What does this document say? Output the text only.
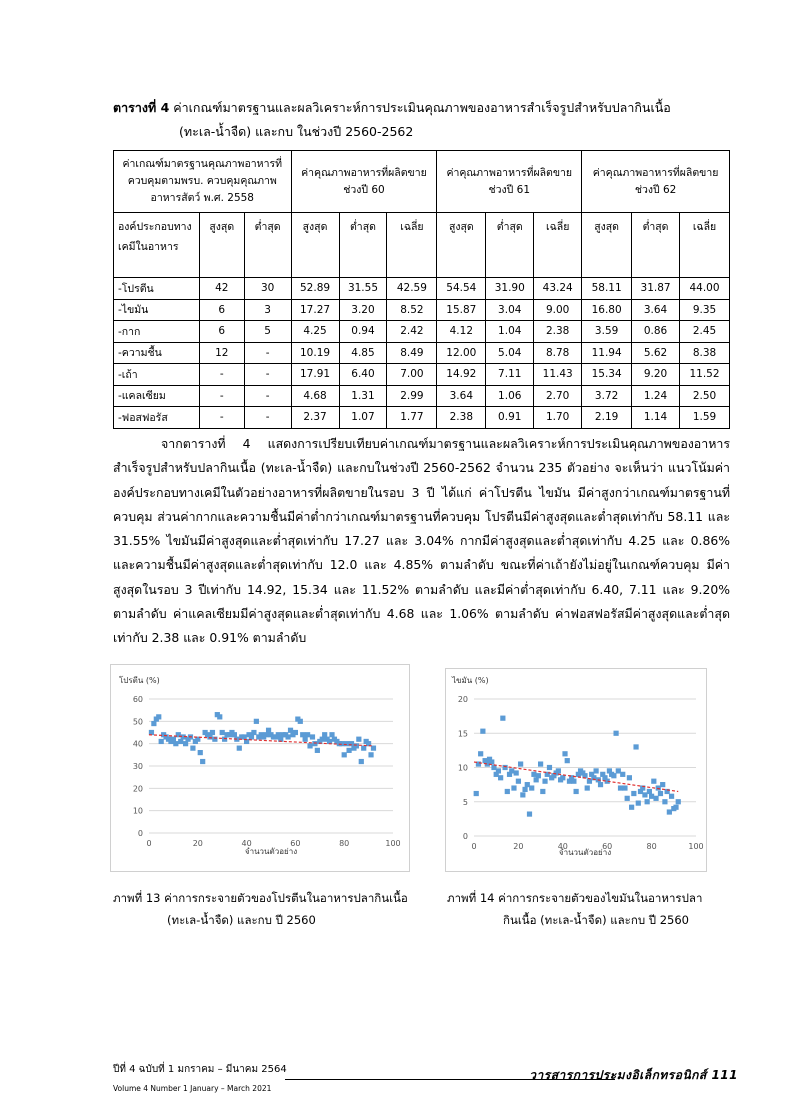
ตารางที่ 4 ค่าเกณฑ์มาตรฐานและผลวิเคราะห์การประเมินคุณภาพของอาหารสำเร็จรูปสำหรับปลากินเนื้อ
(ทะเล-น้ำจืด) และกบ ในช่วงปี 2560-2562
ค่าเกณฑ์มาตรฐานคุณภาพอาหารที่ควบคุมตามพรบ. ควบคุมคุณภาพอาหารสัตว์ พ.ศ. 2558			ค่าคุณภาพอาหารที่ผลิตขายช่วงปี 60			ค่าคุณภาพอาหารที่ผลิตขายช่วงปี 61			ค่าคุณภาพอาหารที่ผลิตขายช่วงปี 62		
องค์ประกอบทางเคมีในอาหาร	สูงสุด	ต่ำสุด	สูงสุด	ต่ำสุด	เฉลี่ย	สูงสุด	ต่ำสุด	เฉลี่ย	สูงสุด	ต่ำสุด	เฉลี่ย
-โปรตีน	42	30	52.89	31.55	42.59	54.54	31.90	43.24	58.11	31.87	44.00
-ไขมัน	6	3	17.27	3.20	8.52	15.87	3.04	9.00	16.80	3.64	9.35
-กาก	6	5	4.25	0.94	2.42	4.12	1.04	2.38	3.59	0.86	2.45
-ความชื้น	12	-	10.19	4.85	8.49	12.00	5.04	8.78	11.94	5.62	8.38
-เถ้า	-	-	17.91	6.40	7.00	14.92	7.11	11.43	15.34	9.20	11.52
-แคลเซียม	-	-	4.68	1.31	2.99	3.64	1.06	2.70	3.72	1.24	2.50
-ฟอสฟอรัส	-	-	2.37	1.07	1.77	2.38	0.91	1.70	2.19	1.14	1.59

จากตารางที่ 4 แสดงการเปรียบเทียบค่าเกณฑ์มาตรฐานและผลวิเคราะห์การประเมินคุณภาพของอาหารสำเร็จรูปสำหรับปลากินเนื้อ (ทะเล-น้ำจืด) และกบในช่วงปี 2560-2562 จำนวน 235 ตัวอย่าง จะเห็นว่า แนวโน้มค่าองค์ประกอบทางเคมีในตัวอย่างอาหารที่ผลิตขายในรอบ 3 ปี ได้แก่ ค่าโปรตีน ไขมัน มีค่าสูงกว่าเกณฑ์มาตรฐานที่ควบคุม ส่วนค่ากากและความชื้นมีค่าต่ำกว่าเกณฑ์มาตรฐานที่ควบคุม โปรตีนมีค่าสูงสุดและต่ำสุดเท่ากับ 58.11 และ 31.55% ไขมันมีค่าสูงสุดและต่ำสุดเท่ากับ 17.27 และ 3.04% กากมีค่าสูงสุดและต่ำสุดเท่ากับ 4.25 และ 0.86% และความชื้นมีค่าสูงสุดและต่ำสุดเท่ากับ 12.0 และ 4.85% ตามลำดับ ขณะที่ค่าเถ้ายังไม่อยู่ในเกณฑ์ควบคุม มีค่าสูงสุดในรอบ 3 ปีเท่ากับ 14.92, 15.34 และ 11.52% ตามลำดับ และมีค่าต่ำสุดเท่ากับ 6.40, 7.11 และ 9.20% ตามลำดับ ค่าแคลเซียมมีค่าสูงสุดและต่ำสุดเท่ากับ 4.68 และ 1.06% ตามลำดับ ค่าฟอสฟอรัสมีค่าสูงสุดและต่ำสุดเท่ากับ 2.38 และ 0.91% ตามลำดับ

0
10
20
30
40
50
60
0	20	40	60	80	100
โปรตีน (%)
จำนวนตัวอย่าง
0
5
10
15
20
0	20	40	60	80	100
ไขมัน (%)
จำนวนตัวอย่าง
ภาพที่ 13 ค่าการกระจายตัวของโปรตีนในอาหารปลากินเนื้อ
(ทะเล-น้ำจืด) และกบ ปี 2560
ภาพที่ 14 ค่าการกระจายตัวของไขมันในอาหารปลา
กินเนื้อ (ทะเล-น้ำจืด) และกบ ปี 2560
ปีที่ 4 ฉบับที่ 1 มกราคม – มีนาคม 2564
Volume 4 Number 1 January – March 2021
วารสารการประมงอิเล็กทรอนิกส์ 111
